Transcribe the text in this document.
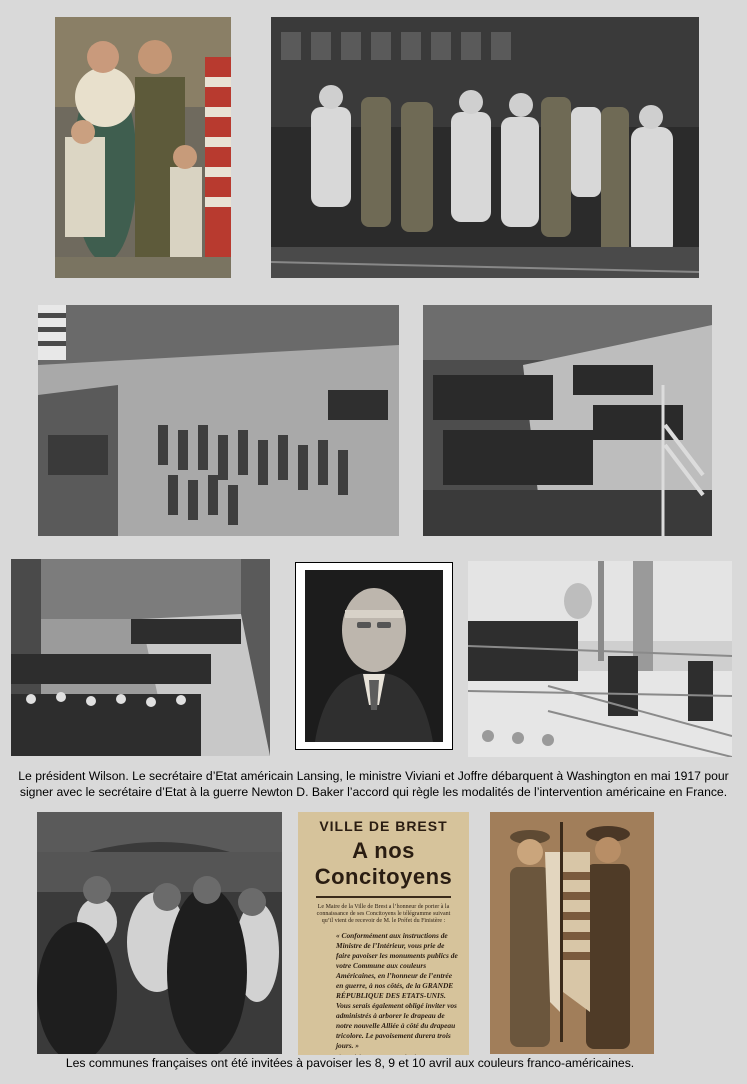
Le président Wilson. Le secrétaire d’Etat américain Lansing, le ministre Viviani et Joffre débarquent à Washington en mai 1917 pour signer avec le secrétaire d’Etat à la guerre Newton D. Baker l’accord qui règle les modalités de l’intervention américaine en France.

VILLE DE BREST
A nos Concitoyens
Le Maire de la Ville de Brest a l’honneur de porter à la connaissance de ses Concitoyens le télégramme suivant qu’il vient de recevoir de M. le Préfet du Finistère :
« Conformément aux instructions de Ministre de l’Intérieur, vous prie de faire pavoiser les monuments publics de votre Commune aux couleurs Américaines, en l’honneur de l’entrée en guerre, à nos côtés, de la GRANDE RÉPUBLIQUE DES ETATS-UNIS. Vous serais également obligé inviter vos administrés à arborer le drapeau de notre nouvelle Alliée à côté du drapeau tricolore. Le pavoisement durera trois jours. »

Les communes françaises ont été invitées à pavoiser les 8, 9 et 10 avril aux couleurs franco-américaines.
